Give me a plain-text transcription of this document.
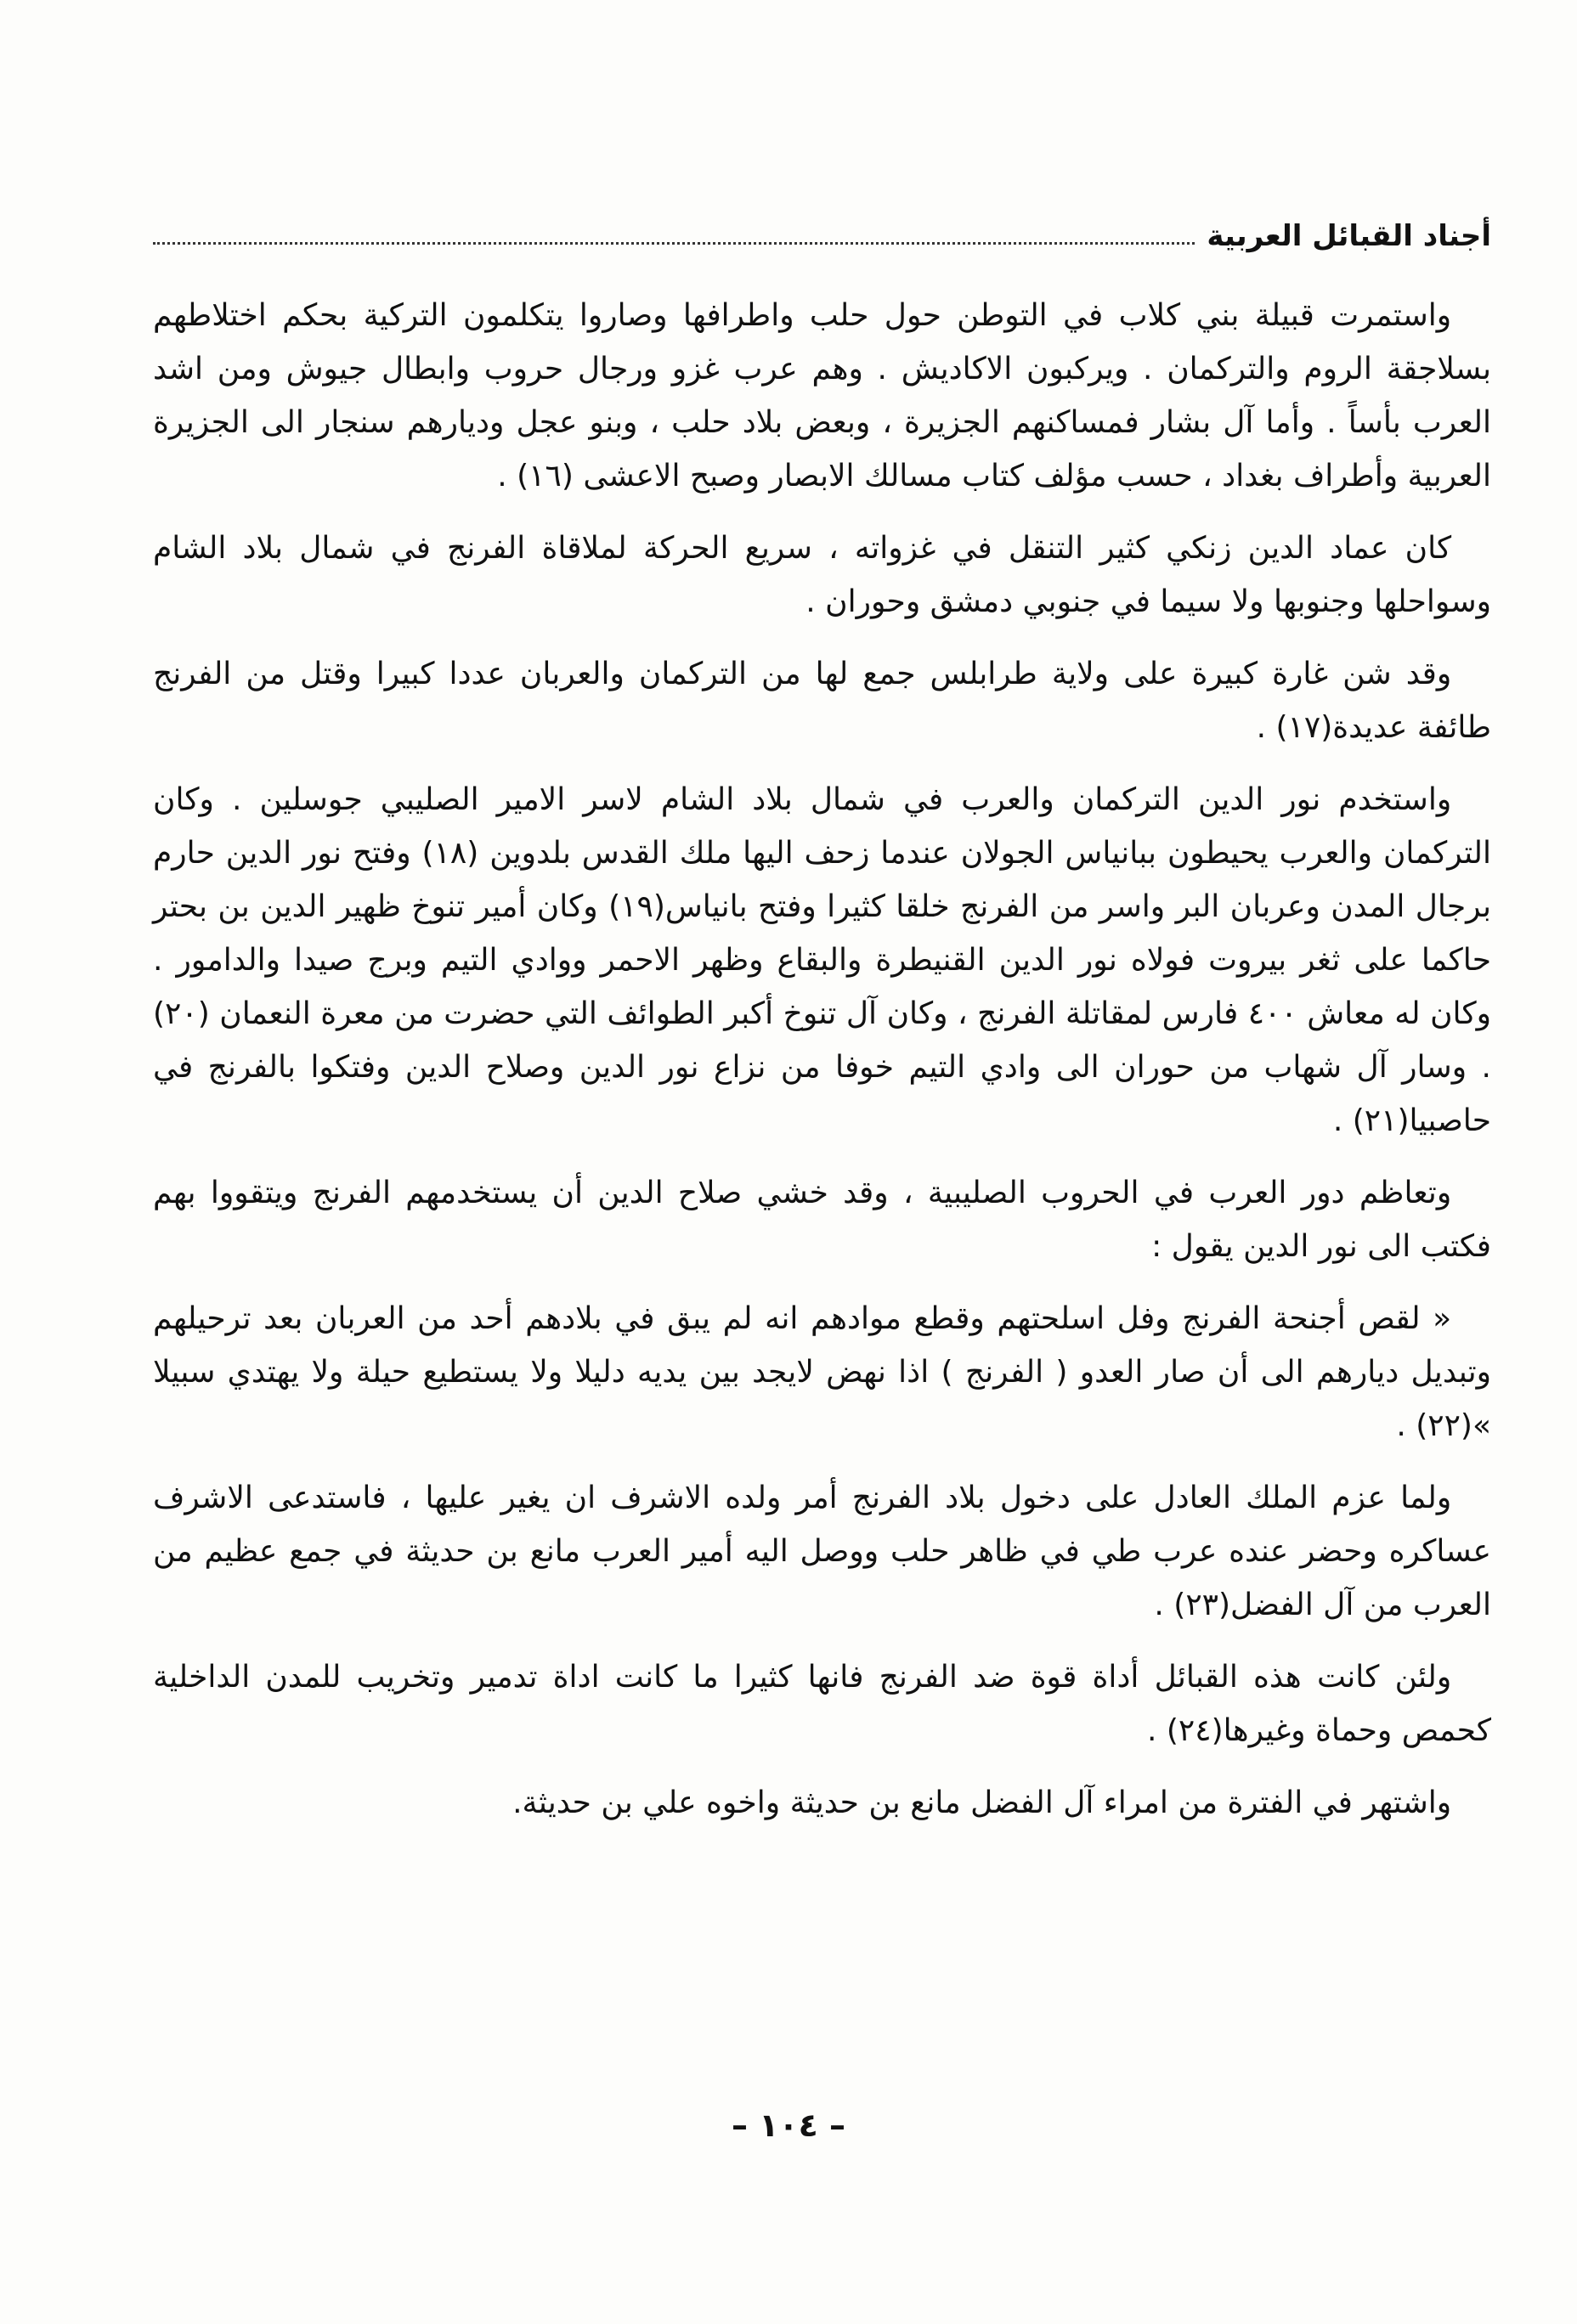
أجناد القبائل العربية

واستمرت قبيلة بني كلاب في التوطن حول حلب واطرافها وصاروا يتكلمون التركية بحكم اختلاطهم بسلاجقة الروم والتركمان . ويركبون الاكاديش . وهم عرب غزو ورجال حروب وابطال جيوش ومن اشد العرب بأساً . وأما آل بشار فمساكنهم الجزيرة ، وبعض بلاد حلب ، وبنو عجل وديارهم سنجار الى الجزيرة العربية وأطراف بغداد ، حسب مؤلف كتاب مسالك الابصار وصبح الاعشى (١٦) .

كان عماد الدين زنكي كثير التنقل في غزواته ، سريع الحركة لملاقاة الفرنج في شمال بلاد الشام وسواحلها وجنوبها ولا سيما في جنوبي دمشق وحوران .

وقد شن غارة كبيرة على ولاية طرابلس جمع لها من التركمان والعربان عددا كبيرا وقتل من الفرنج طائفة عديدة(١٧) .

واستخدم نور الدين التركمان والعرب في شمال بلاد الشام لاسر الامير الصليبي جوسلين . وكان التركمان والعرب يحيطون ببانياس الجولان عندما زحف اليها ملك القدس بلدوين (١٨) وفتح نور الدين حارم برجال المدن وعربان البر واسر من الفرنج خلقا كثيرا وفتح بانياس(١٩) وكان أمير تنوخ ظهير الدين بن بحتر حاكما على ثغر بيروت فولاه نور الدين القنيطرة والبقاع وظهر الاحمر ووادي التيم وبرج صيدا والدامور . وكان له معاش ٤٠٠ فارس لمقاتلة الفرنج ، وكان آل تنوخ أكبر الطوائف التي حضرت من معرة النعمان (٢٠) . وسار آل شهاب من حوران الى وادي التيم خوفا من نزاع نور الدين وصلاح الدين وفتكوا بالفرنج في حاصبيا(٢١) .

وتعاظم دور العرب في الحروب الصليبية ، وقد خشي صلاح الدين أن يستخدمهم الفرنج ويتقووا بهم فكتب الى نور الدين يقول :

« لقص أجنحة الفرنج وفل اسلحتهم وقطع موادهم انه لم يبق في بلادهم أحد من العربان بعد ترحيلهم وتبديل ديارهم الى أن صار العدو ( الفرنج ) اذا نهض لايجد بين يديه دليلا ولا يستطيع حيلة ولا يهتدي سبيلا »(٢٢) .

ولما عزم الملك العادل على دخول بلاد الفرنج أمر ولده الاشرف ان يغير عليها ، فاستدعى الاشرف عساكره وحضر عنده عرب طي في ظاهر حلب ووصل اليه أمير العرب مانع بن حديثة في جمع عظيم من العرب من آل الفضل(٢٣) .

ولئن كانت هذه القبائل أداة قوة ضد الفرنج فانها كثيرا ما كانت اداة تدمير وتخريب للمدن الداخلية كحمص وحماة وغيرها(٢٤) .

واشتهر في الفترة من امراء آل الفضل مانع بن حديثة واخوه علي بن حديثة.

– ١٠٤ –
